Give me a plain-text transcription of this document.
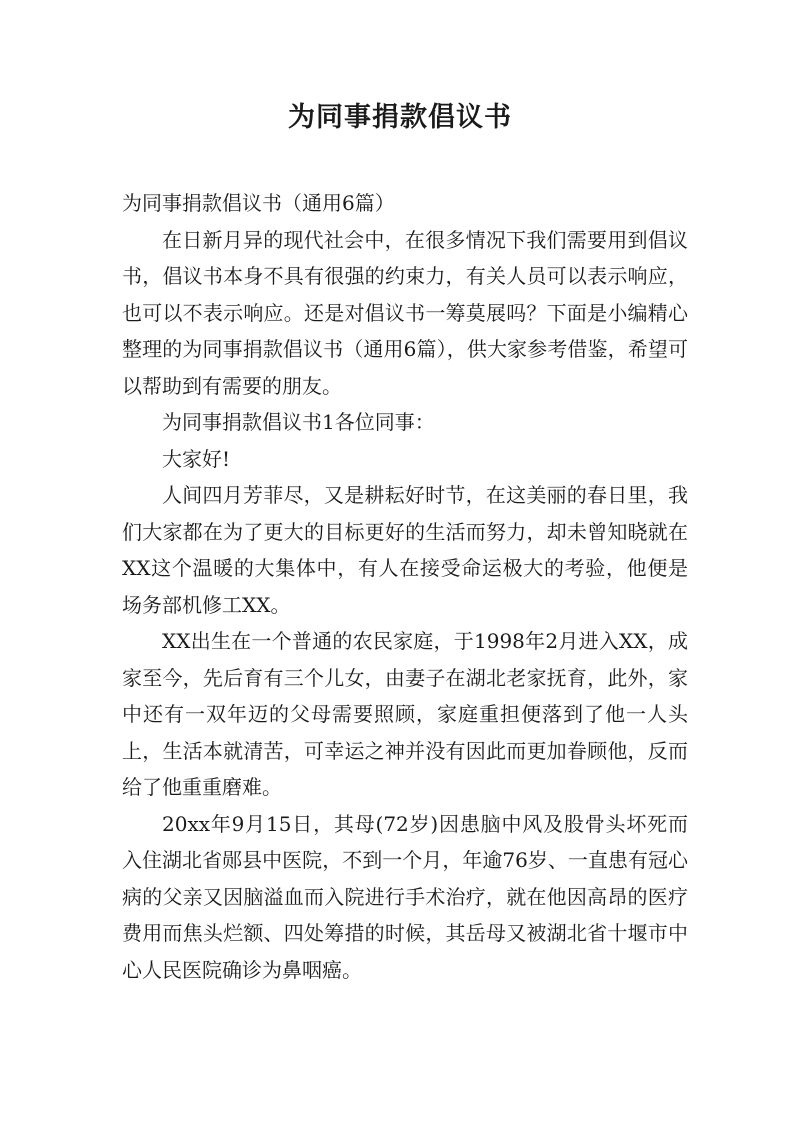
为同事捐款倡议书

为同事捐款倡议书（通用6篇）

在日新月异的现代社会中，在很多情况下我们需要用到倡议书，倡议书本身不具有很强的约束力，有关人员可以表示响应，也可以不表示响应。还是对倡议书一筹莫展吗？下面是小编精心整理的为同事捐款倡议书（通用6篇），供大家参考借鉴，希望可以帮助到有需要的朋友。

为同事捐款倡议书1各位同事：

大家好!

人间四月芳菲尽，又是耕耘好时节，在这美丽的春日里，我们大家都在为了更大的目标更好的生活而努力，却未曾知晓就在XX这个温暖的大集体中，有人在接受命运极大的考验，他便是场务部机修工XX。

XX出生在一个普通的农民家庭，于1998年2月进入XX，成家至今，先后育有三个儿女，由妻子在湖北老家抚育，此外，家中还有一双年迈的父母需要照顾，家庭重担便落到了他一人头上，生活本就清苦，可幸运之神并没有因此而更加眷顾他，反而给了他重重磨难。

20xx年9月15日，其母(72岁)因患脑中风及股骨头坏死而入住湖北省郧县中医院，不到一个月，年逾76岁、一直患有冠心病的父亲又因脑溢血而入院进行手术治疗，就在他因高昂的医疗费用而焦头烂额、四处筹措的时候，其岳母又被湖北省十堰市中心人民医院确诊为鼻咽癌。
